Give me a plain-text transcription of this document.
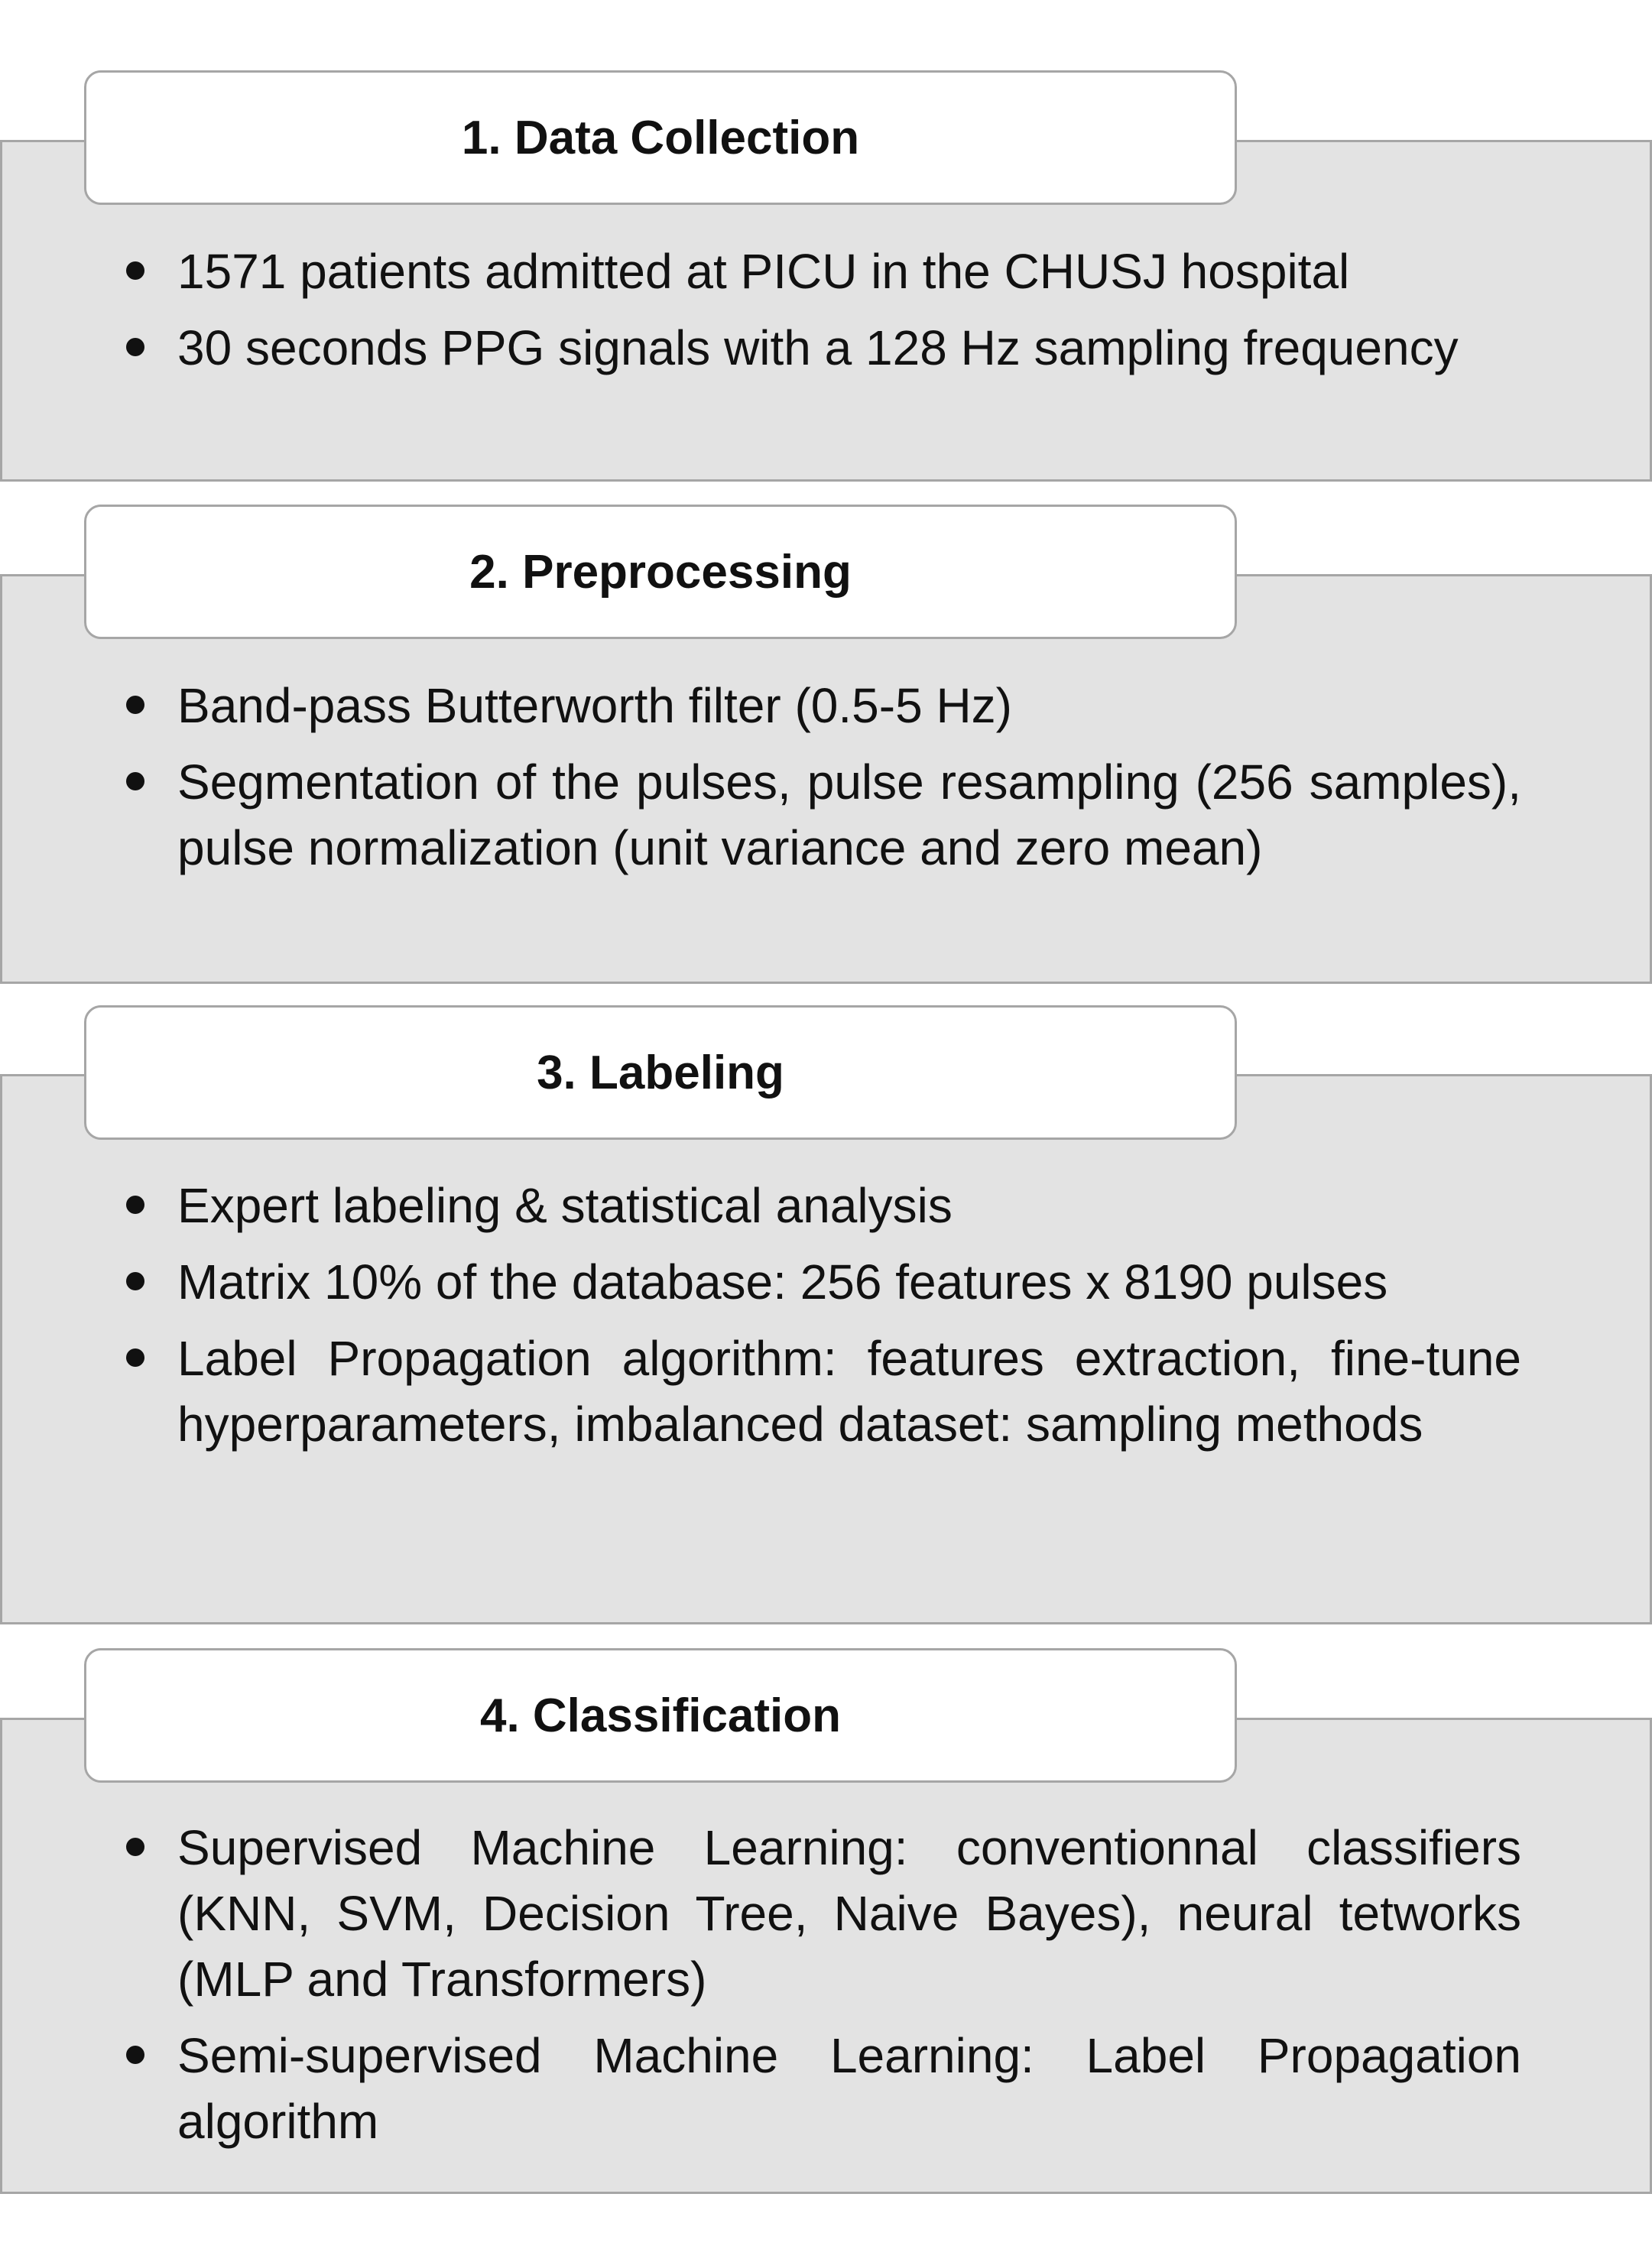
1. Data Collection
1571 patients admitted at PICU in the CHUSJ hospital
30 seconds PPG signals with a 128 Hz sampling frequency
2. Preprocessing
Band-pass Butterworth filter (0.5-5 Hz)
Segmentation of the pulses, pulse resampling (256 samples), pulse normalization (unit variance and zero mean)
3. Labeling
Expert labeling & statistical analysis
Matrix 10% of the database: 256 features x 8190 pulses
Label Propagation algorithm: features extraction, fine-tune hyperparameters, imbalanced dataset: sampling methods
4. Classification
Supervised Machine Learning: conventionnal classifiers (KNN, SVM, Decision Tree, Naive Bayes), neural tetworks (MLP and Transformers)
Semi-supervised Machine Learning: Label Propagation algorithm
